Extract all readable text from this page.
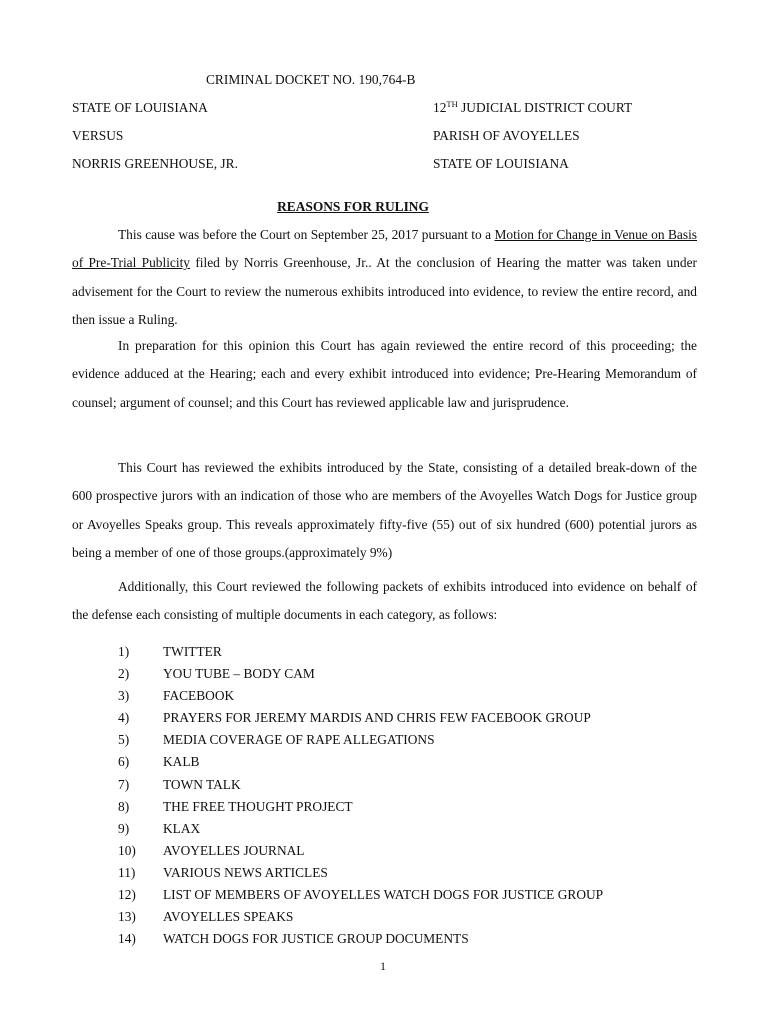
CRIMINAL DOCKET NO. 190,764-B
STATE OF LOUISIANA	12TH JUDICIAL DISTRICT COURT
VERSUS	PARISH OF AVOYELLES
NORRIS GREENHOUSE, JR.	STATE OF LOUISIANA
REASONS FOR RULING

This cause was before the Court on September 25, 2017 pursuant to a Motion for Change in Venue on Basis of Pre-Trial Publicity filed by Norris Greenhouse, Jr.. At the conclusion of Hearing the matter was taken under advisement for the Court to review the numerous exhibits introduced into evidence, to review the entire record, and then issue a Ruling.

In preparation for this opinion this Court has again reviewed the entire record of this proceeding; the evidence adduced at the Hearing; each and every exhibit introduced into evidence; Pre-Hearing Memorandum of counsel; argument of counsel; and this Court has reviewed applicable law and jurisprudence.

This Court has reviewed the exhibits introduced by the State, consisting of a detailed break-down of the 600 prospective jurors with an indication of those who are members of the Avoyelles Watch Dogs for Justice group or Avoyelles Speaks group. This reveals approximately fifty-five (55) out of six hundred (600) potential jurors as being a member of one of those groups.(approximately 9%)

Additionally, this Court reviewed the following packets of exhibits introduced into evidence on behalf of the defense each consisting of multiple documents in each category, as follows:

1)	TWITTER
2)	YOU TUBE – BODY CAM
3)	FACEBOOK
4)	PRAYERS FOR JEREMY MARDIS AND CHRIS FEW FACEBOOK GROUP
5)	MEDIA COVERAGE OF RAPE ALLEGATIONS
6)	KALB
7)	TOWN TALK
8)	THE FREE THOUGHT PROJECT
9)	KLAX
10) AVOYELLES JOURNAL
11) VARIOUS NEWS ARTICLES
12) LIST OF MEMBERS OF AVOYELLES WATCH DOGS FOR JUSTICE GROUP
13) AVOYELLES SPEAKS
14) WATCH DOGS FOR JUSTICE GROUP DOCUMENTS
1
